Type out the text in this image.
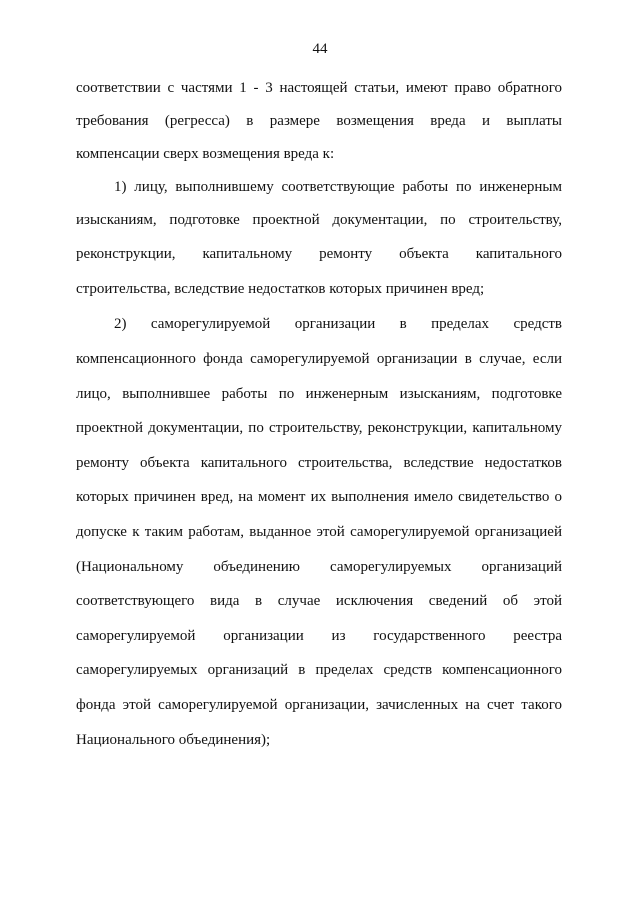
44
соответствии с частями 1 - 3 настоящей статьи, имеют право обратного
требования (регресса) в размере возмещения вреда и выплаты
компенсации сверх возмещения вреда к:
1) лицу, выполнившему соответствующие работы по инженерным
изысканиям, подготовке проектной документации, по строительству,
реконструкции, капитальному ремонту объекта капитального
строительства, вследствие недостатков которых причинен вред;
2) саморегулируемой организации в пределах средств
компенсационного фонда саморегулируемой организации в случае, если
лицо, выполнившее работы по инженерным изысканиям, подготовке
проектной документации, по строительству, реконструкции, капитальному
ремонту объекта капитального строительства, вследствие недостатков
которых причинен вред, на момент их выполнения имело свидетельство о
допуске к таким работам, выданное этой саморегулируемой организацией
(Национальному объединению саморегулируемых организаций
соответствующего вида в случае исключения сведений об этой
саморегулируемой организации из государственного реестра
саморегулируемых организаций в пределах средств компенсационного
фонда этой саморегулируемой организации, зачисленных на счет такого
Национального объединения);
